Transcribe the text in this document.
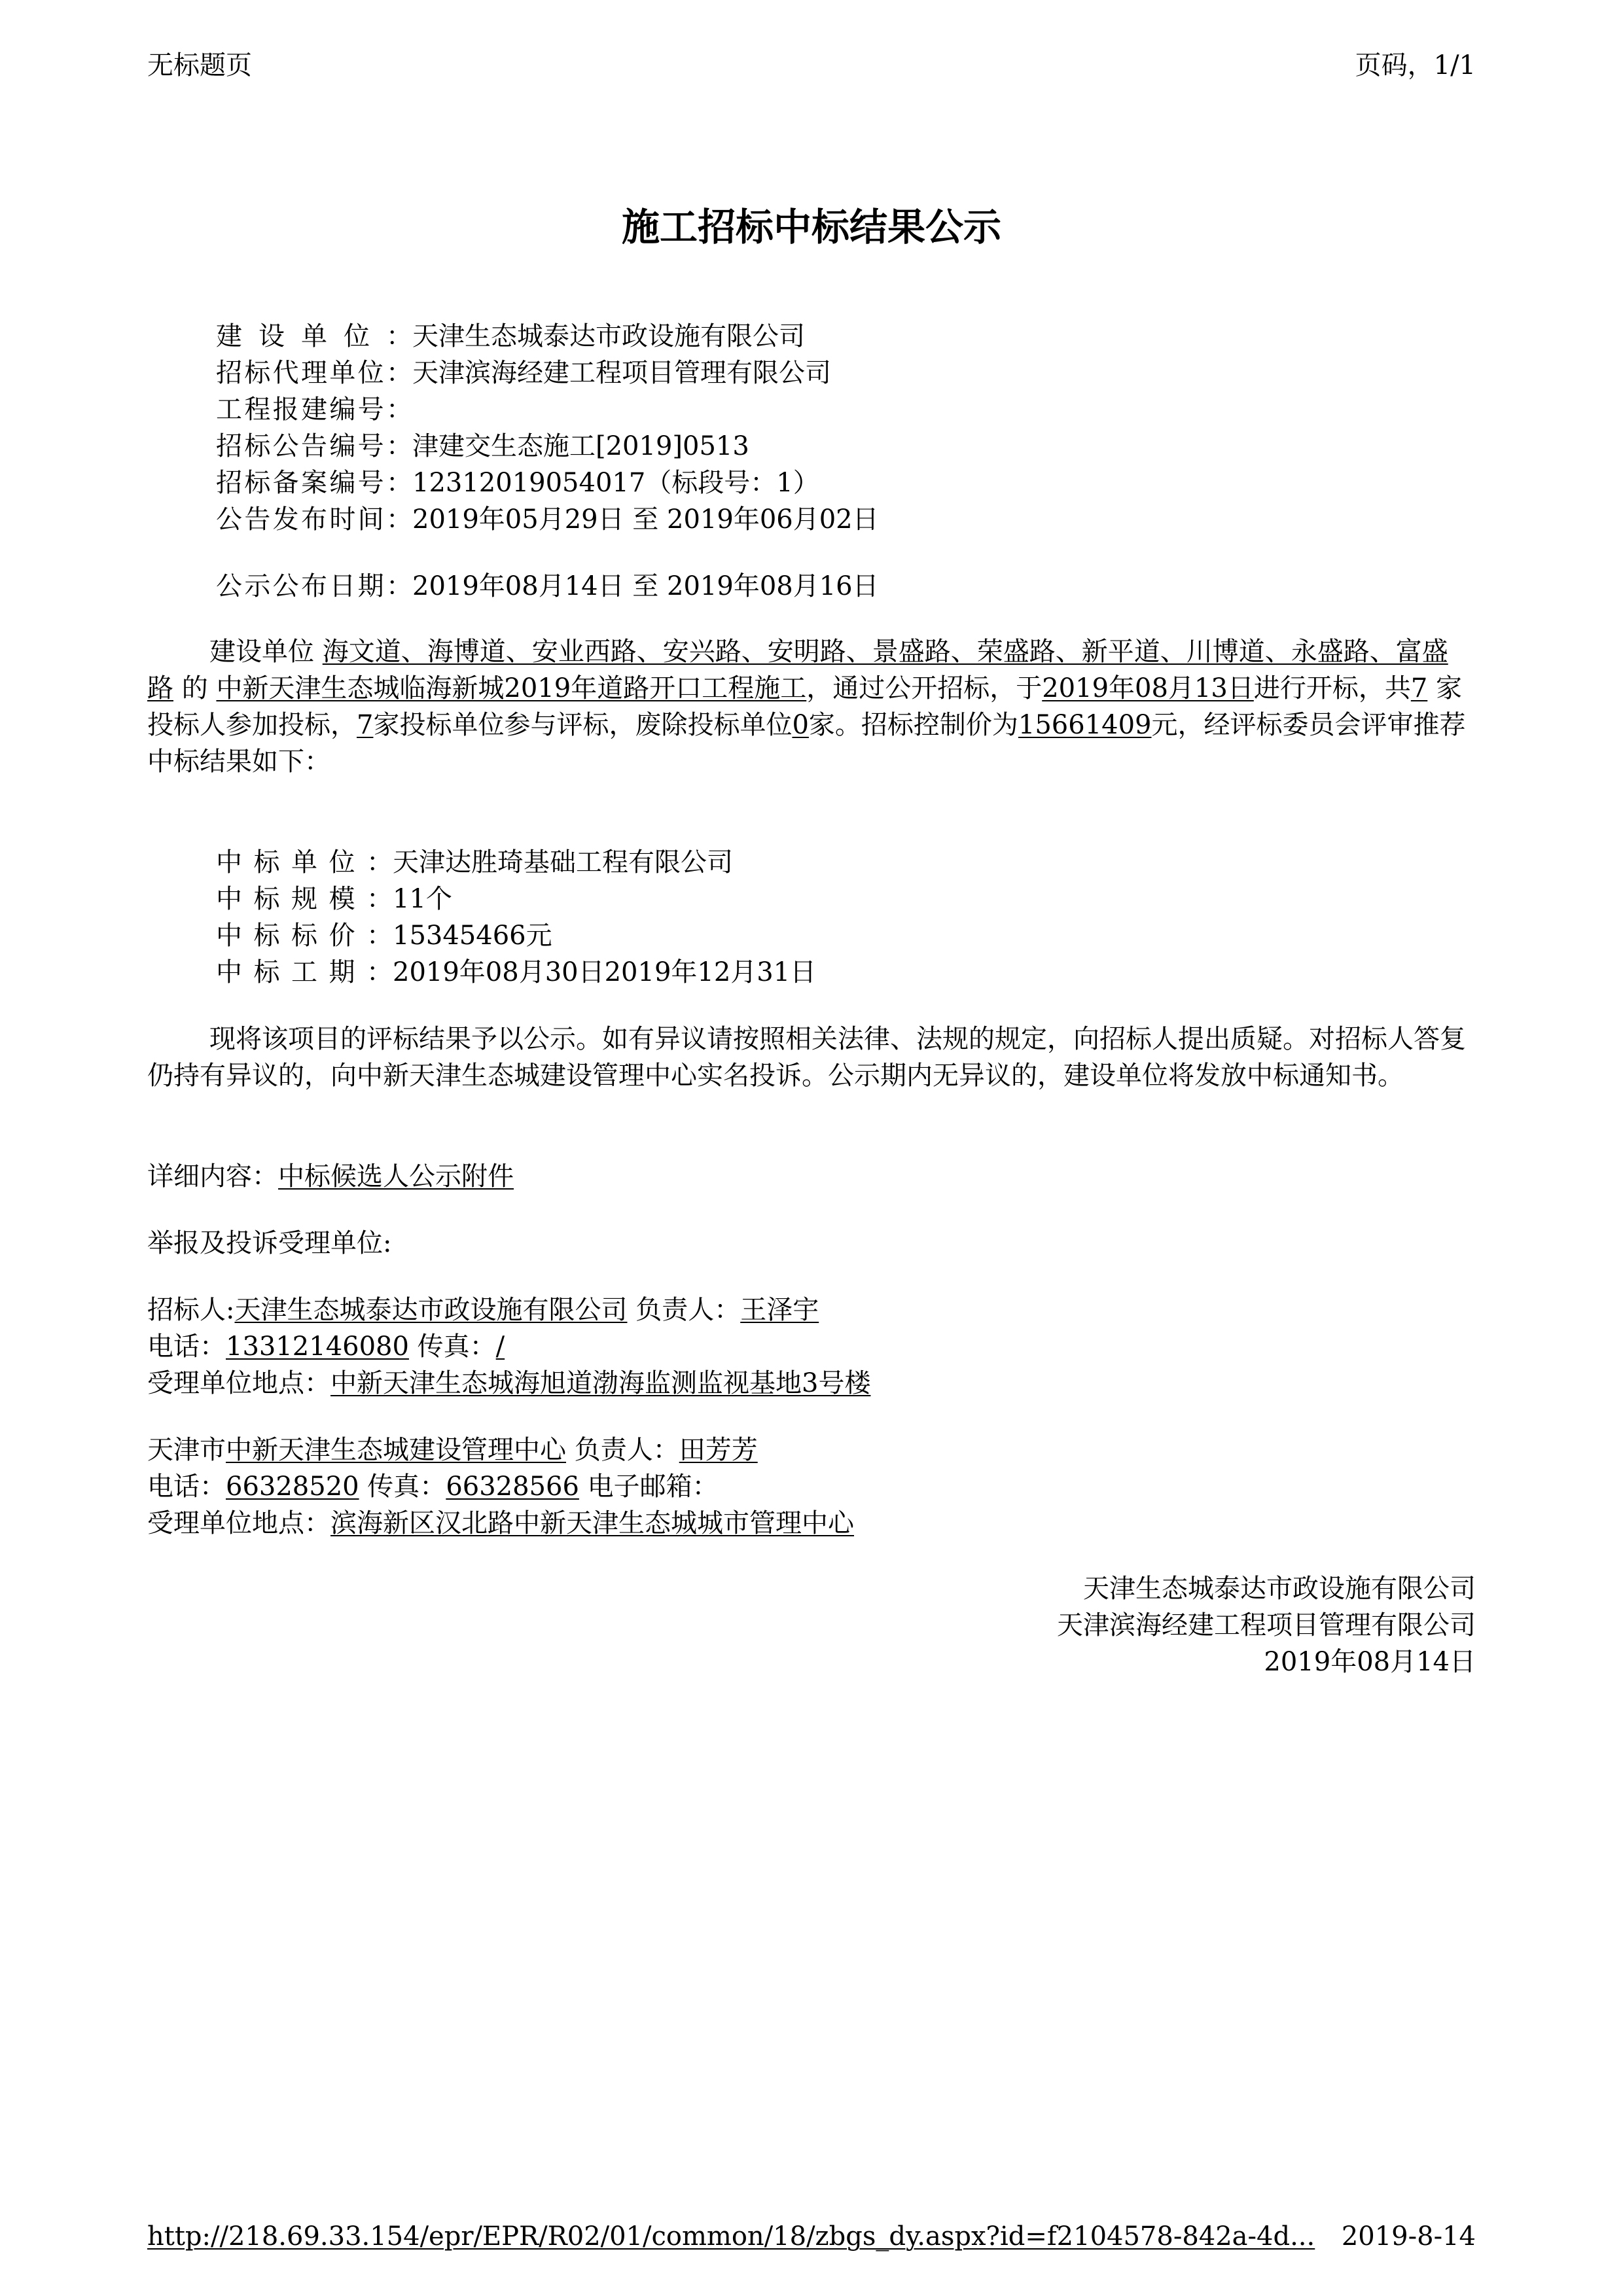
无标题页	页码，1/1
施工招标中标结果公示
建设单位：天津生态城泰达市政设施有限公司
招标代理单位：天津滨海经建工程项目管理有限公司
工程报建编号：
招标公告编号：津建交生态施工[2019]0513
招标备案编号：12312019054017（标段号：1）
公告发布时间：2019年05月29日 至 2019年06月02日
公示公布日期：2019年08月14日 至 2019年08月16日
建设单位 海文道、海博道、安业西路、安兴路、安明路、景盛路、荣盛路、新平道、川博道、永盛路、富盛路 的 中新天津生态城临海新城2019年道路开口工程施工，通过公开招标，于2019年08月13日进行开标，共7 家投标人参加投标，7家投标单位参与评标，废除投标单位0家。招标控制价为15661409元，经评标委员会评审推荐中标结果如下：
中标单位：天津达胜琦基础工程有限公司
中标规模：11个
中标标价：15345466元
中标工期：2019年08月30日2019年12月31日
现将该项目的评标结果予以公示。如有异议请按照相关法律、法规的规定，向招标人提出质疑。对招标人答复仍持有异议的，向中新天津生态城建设管理中心实名投诉。公示期内无异议的，建设单位将发放中标通知书。
详细内容：中标候选人公示附件
举报及投诉受理单位:
招标人:天津生态城泰达市政设施有限公司 负责人：王泽宇
电话：13312146080 传真：/
受理单位地点：中新天津生态城海旭道渤海监测监视基地3号楼
天津市中新天津生态城建设管理中心 负责人：田芳芳
电话：66328520 传真：66328566 电子邮箱：
受理单位地点：滨海新区汉北路中新天津生态城城市管理中心
天津生态城泰达市政设施有限公司
天津滨海经建工程项目管理有限公司
2019年08月14日
http://218.69.33.154/epr/EPR/R02/01/common/18/zbgs_dy.aspx?id=f2104578-842a-4d... 2019-8-14
